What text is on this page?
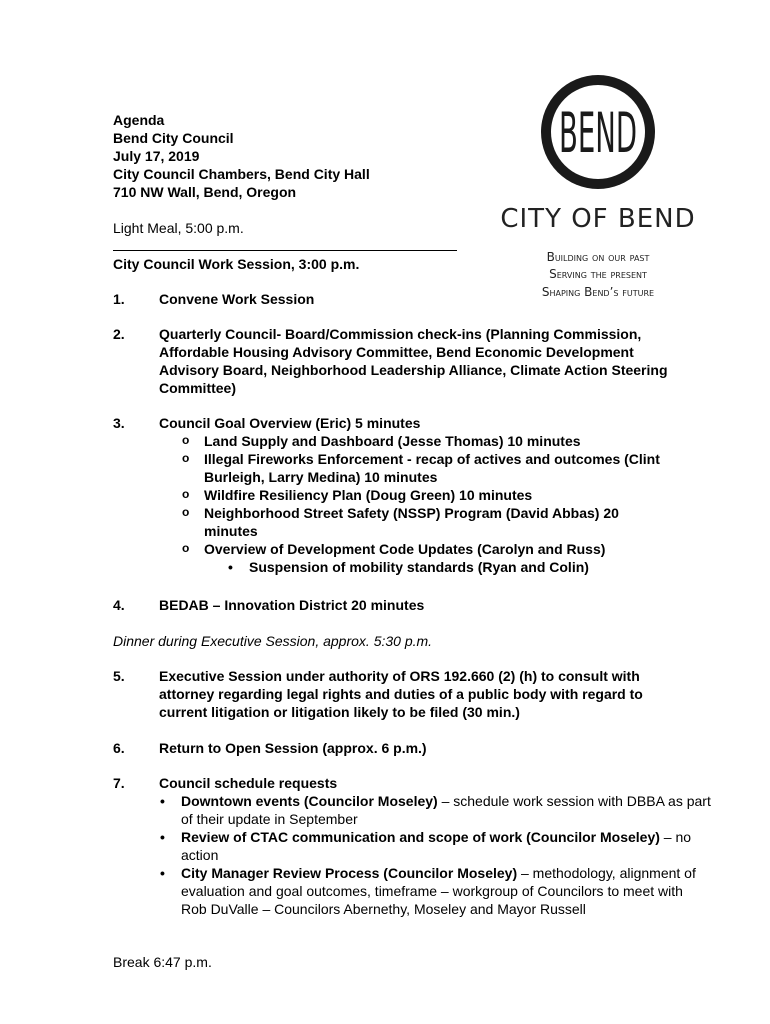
Agenda
Bend City Council
July 17, 2019
City Council Chambers, Bend City Hall
710 NW Wall, Bend, Oregon
Light Meal, 5:00 p.m.
City Council Work Session, 3:00 p.m.
BEND
CITY OF BEND
Building on our past
Serving the present
Shaping Bend’s future
1. Convene Work Session
2. Quarterly Council- Board/Commission check-ins (Planning Commission, Affordable Housing Advisory Committee, Bend Economic Development Advisory Board, Neighborhood Leadership Alliance, Climate Action Steering Committee)
3. Council Goal Overview (Eric) 5 minutes
o Land Supply and Dashboard (Jesse Thomas) 10 minutes
o Illegal Fireworks Enforcement - recap of actives and outcomes (Clint Burleigh, Larry Medina) 10 minutes
o Wildfire Resiliency Plan (Doug Green) 10 minutes
o Neighborhood Street Safety (NSSP) Program (David Abbas) 20 minutes
o Overview of Development Code Updates (Carolyn and Russ)
• Suspension of mobility standards (Ryan and Colin)
4. BEDAB – Innovation District 20 minutes
Dinner during Executive Session, approx. 5:30 p.m.
5. Executive Session under authority of ORS 192.660 (2) (h) to consult with attorney regarding legal rights and duties of a public body with regard to current litigation or litigation likely to be filed (30 min.)
6. Return to Open Session (approx. 6 p.m.)
7. Council schedule requests
• Downtown events (Councilor Moseley) – schedule work session with DBBA as part of their update in September
• Review of CTAC communication and scope of work (Councilor Moseley) – no action
• City Manager Review Process (Councilor Moseley) – methodology, alignment of evaluation and goal outcomes, timeframe – workgroup of Councilors to meet with Rob DuValle – Councilors Abernethy, Moseley and Mayor Russell
Break 6:47 p.m.
